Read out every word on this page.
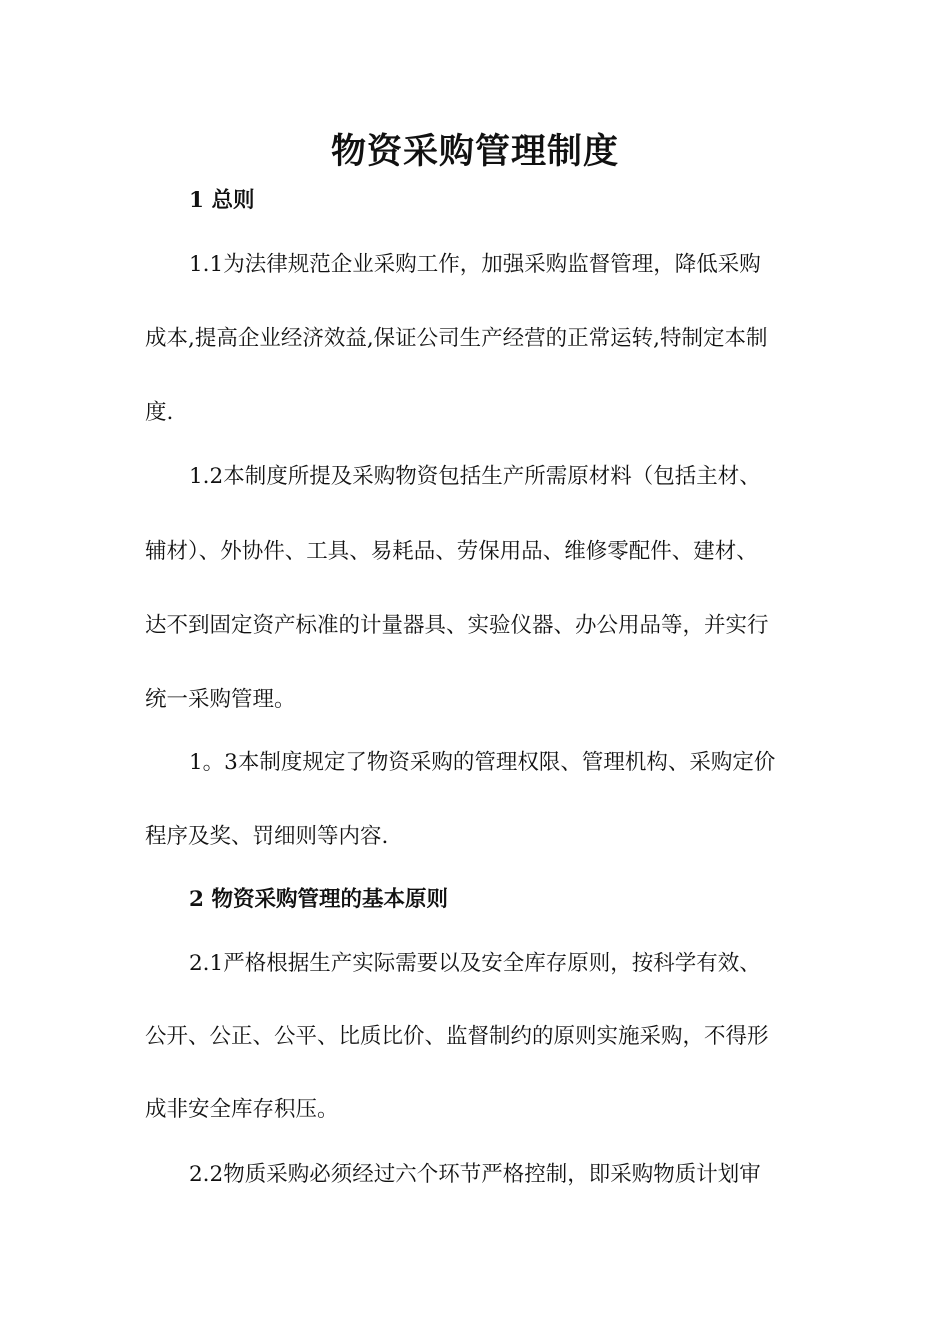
物资采购管理制度
1 总则
1.1为法律规范企业采购工作，加强采购监督管理，降低采购
成本,提高企业经济效益,保证公司生产经营的正常运转,特制定本制
度.
1.2本制度所提及采购物资包括生产所需原材料（包括主材、
辅材）、外协件、工具、易耗品、劳保用品、维修零配件、建材、
达不到固定资产标准的计量器具、实验仪器、办公用品等，并实行
统一采购管理。
1。3本制度规定了物资采购的管理权限、管理机构、采购定价
程序及奖、罚细则等内容.
2 物资采购管理的基本原则
2.1严格根据生产实际需要以及安全库存原则，按科学有效、
公开、公正、公平、比质比价、监督制约的原则实施采购，不得形
成非安全库存积压。
2.2物质采购必须经过六个环节严格控制，即采购物质计划审
